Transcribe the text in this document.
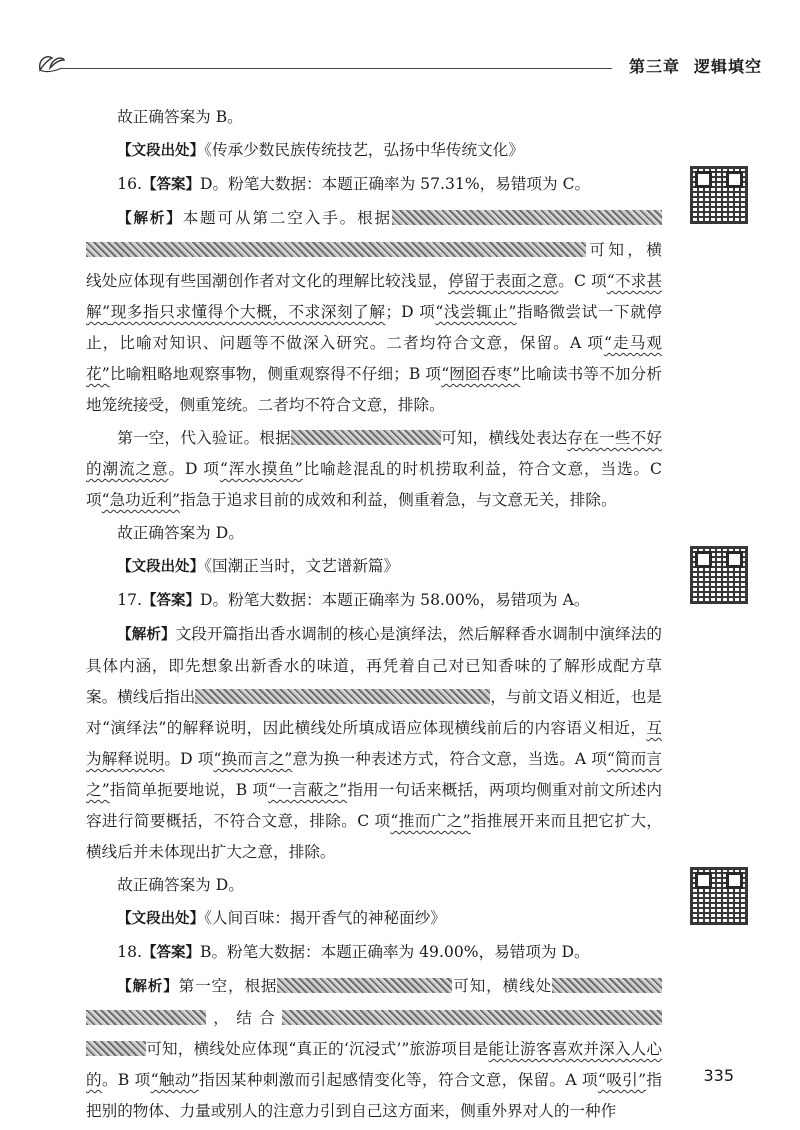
第三章 逻辑填空

故正确答案为 B。

【文段出处】《传承少数民族传统技艺，弘扬中华传统文化》

16.【答案】D。粉笔大数据：本题正确率为 57.31%，易错项为 C。

【解析】本题可从第二空入手。根据可知，横线处应体现有些国潮创作者对文化的理解比较浅显，停留于表面之意。C 项“不求甚解”现多指只求懂得个大概，不求深刻了解；D 项“浅尝辄止”指略微尝试一下就停止，比喻对知识、问题等不做深入研究。二者均符合文意，保留。A 项“走马观花”比喻粗略地观察事物，侧重观察得不仔细；B 项“囫囵吞枣”比喻读书等不加分析地笼统接受，侧重笼统。二者均不符合文意，排除。

第一空，代入验证。根据	可知，横线处表达存在一些不好的潮流之意。D 项“浑水摸鱼”比喻趁混乱的时机捞取利益，符合文意，当选。C 项“急功近利”指急于追求目前的成效和利益，侧重着急，与文意无关，排除。

故正确答案为 D。

【文段出处】《国潮正当时，文艺谱新篇》

17.【答案】D。粉笔大数据：本题正确率为 58.00%，易错项为 A。

【解析】文段开篇指出香水调制的核心是演绎法，然后解释香水调制中演绎法的具体内涵，即先想象出新香水的味道，再凭着自己对已知香味的了解形成配方草案。横线后指出	，与前文语义相近，也是对“演绎法”的解释说明，因此横线处所填成语应体现横线前后的内容语义相近，互为解释说明。D 项“换而言之”意为换一种表述方式，符合文意，当选。A 项“简而言之”指简单扼要地说，B 项“一言蔽之”指用一句话来概括，两项均侧重对前文所述内容进行简要概括，不符合文意，排除。C 项“推而广之”指推展开来而且把它扩大，横线后并未体现出扩大之意，排除。

故正确答案为 D。

【文段出处】《人间百味：揭开香气的神秘面纱》

18.【答案】B。粉笔大数据：本题正确率为 49.00%，易错项为 D。

【解析】第一空，根据	可知，横线处，结合可知，横线处应体现“真正的‘沉浸式’”旅游项目是能让游客喜欢并深入人心的。B 项“触动”指因某种刺激而引起感情变化等，符合文意，保留。A 项“吸引”指把别的物体、力量或别人的注意力引到自己这方面来，侧重外界对人的一种作

335
